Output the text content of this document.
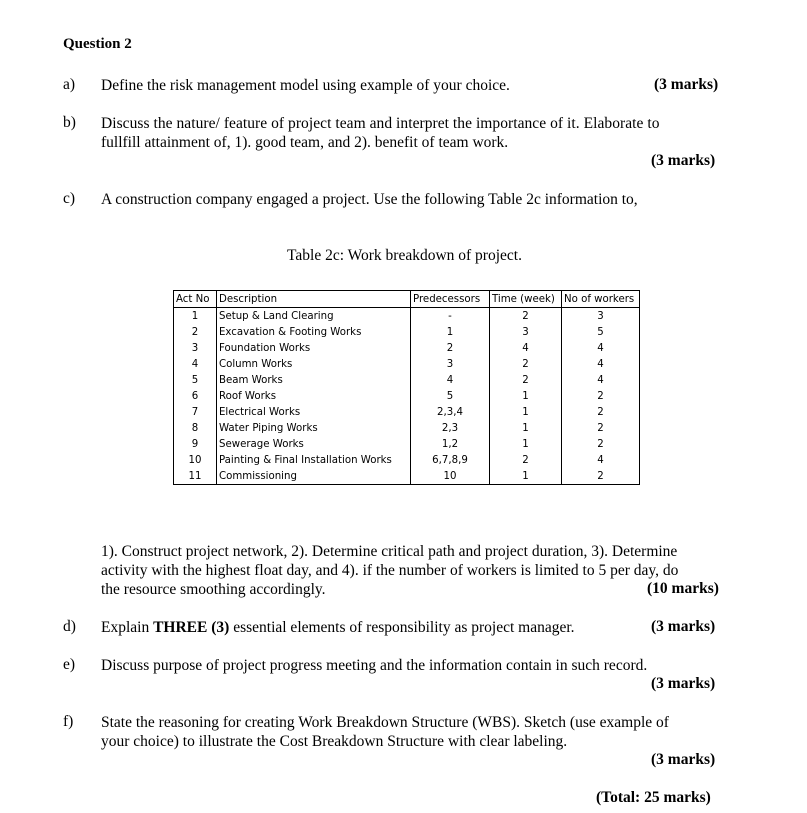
Question 2
a) Define the risk management model using example of your choice.	(3 marks)
b) Discuss the nature/ feature of project team and interpret the importance of it. Elaborate to
fullfill attainment of, 1). good team, and 2). benefit of team work.
(3 marks)
c) A construction company engaged a project. Use the following Table 2c information to,
Table 2c: Work breakdown of project.
Act No	Description	Predecessors	Time (week)	No of workers
1	Setup & Land Clearing	-	2	3
2	Excavation & Footing Works	1	3	5
3	Foundation Works	2	4	4
4	Column Works	3	2	4
5	Beam Works	4	2	4
6	Roof Works	5	1	2
7	Electrical Works	2,3,4	1	2
8	Water Piping Works	2,3	1	2
9	Sewerage Works	1,2	1	2
10	Painting & Final Installation Works	6,7,8,9	2	4
11	Commissioning	10	1	2
1). Construct project network, 2). Determine critical path and project duration, 3). Determine
activity with the highest float day, and 4). if the number of workers is limited to 5 per day, do
the resource smoothing accordingly.	(10 marks)
d) Explain THREE (3) essential elements of responsibility as project manager.	(3 marks)
e) Discuss purpose of project progress meeting and the information contain in such record.
(3 marks)
f) State the reasoning for creating Work Breakdown Structure (WBS). Sketch (use example of
your choice) to illustrate the Cost Breakdown Structure with clear labeling.
(3 marks)
(Total: 25 marks)
